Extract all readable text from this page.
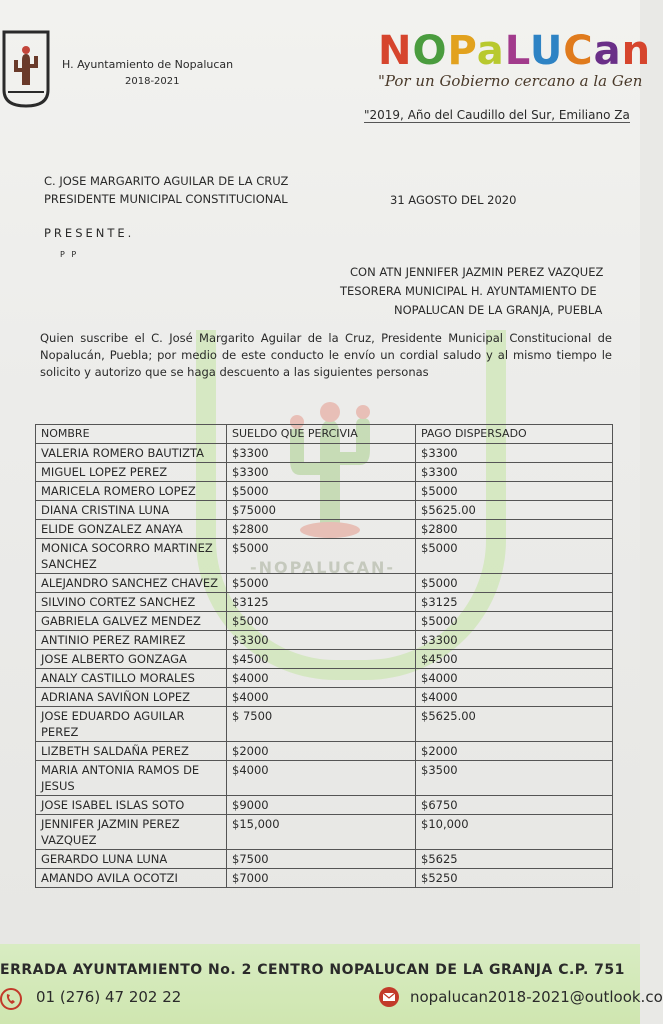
-NOPALUCAN-
H. Ayuntamiento de Nopalucan
2018-2021
NOPaLUCan
"Por un Gobierno cercano a la Gen
"2019, Año del Caudillo del Sur, Emiliano Za
C. JOSE MARGARITO AGUILAR DE LA CRUZ
PRESIDENTE MUNICIPAL CONSTITUCIONAL	31 AGOSTO DEL 2020
PRESENTE.
P P
CON ATN JENNIFER JAZMIN PEREZ VAZQUEZ
TESORERA MUNICIPAL H. AYUNTAMIENTO DE
NOPALUCAN DE LA GRANJA, PUEBLA
Quien suscribe el C. José Margarito Aguilar de la Cruz, Presidente Municipal Constitucional de Nopalucán, Puebla; por medio de este conducto le envío un cordial saludo y al mismo tiempo le solicito y autorizo que se haga descuento a las siguientes personas
NOMBRE	SUELDO QUE PERCIVIA	PAGO DISPERSADO
VALERIA ROMERO BAUTIZTA	$3300	$3300
MIGUEL LOPEZ PEREZ	$3300	$3300
MARICELA ROMERO LOPEZ	$5000	$5000
DIANA CRISTINA LUNA	$75000	$5625.00
ELIDE GONZALEZ ANAYA	$2800	$2800
MONICA SOCORRO MARTINEZ SANCHEZ	$5000	$5000
ALEJANDRO SANCHEZ CHAVEZ	$5000	$5000
SILVINO CORTEZ SANCHEZ	$3125	$3125
GABRIELA GALVEZ MENDEZ	$5000	$5000
ANTINIO PEREZ RAMIREZ	$3300	$3300
JOSE ALBERTO GONZAGA	$4500	$4500
ANALY CASTILLO MORALES	$4000	$4000
ADRIANA SAVIÑON LOPEZ	$4000	$4000
JOSE EDUARDO AGUILAR PEREZ	$ 7500	$5625.00
LIZBETH SALDAÑA PEREZ	$2000	$2000
MARIA ANTONIA RAMOS DE JESUS	$4000	$3500
JOSE ISABEL ISLAS SOTO	$9000	$6750
JENNIFER JAZMIN PEREZ VAZQUEZ	$15,000	$10,000
GERARDO LUNA LUNA	$7500	$5625
AMANDO AVILA OCOTZI	$7000	$5250
ERRADA AYUNTAMIENTO No. 2 CENTRO NOPALUCAN DE LA GRANJA C.P. 751
01 (276) 47 202 22	nopalucan2018-2021@outlook.co
